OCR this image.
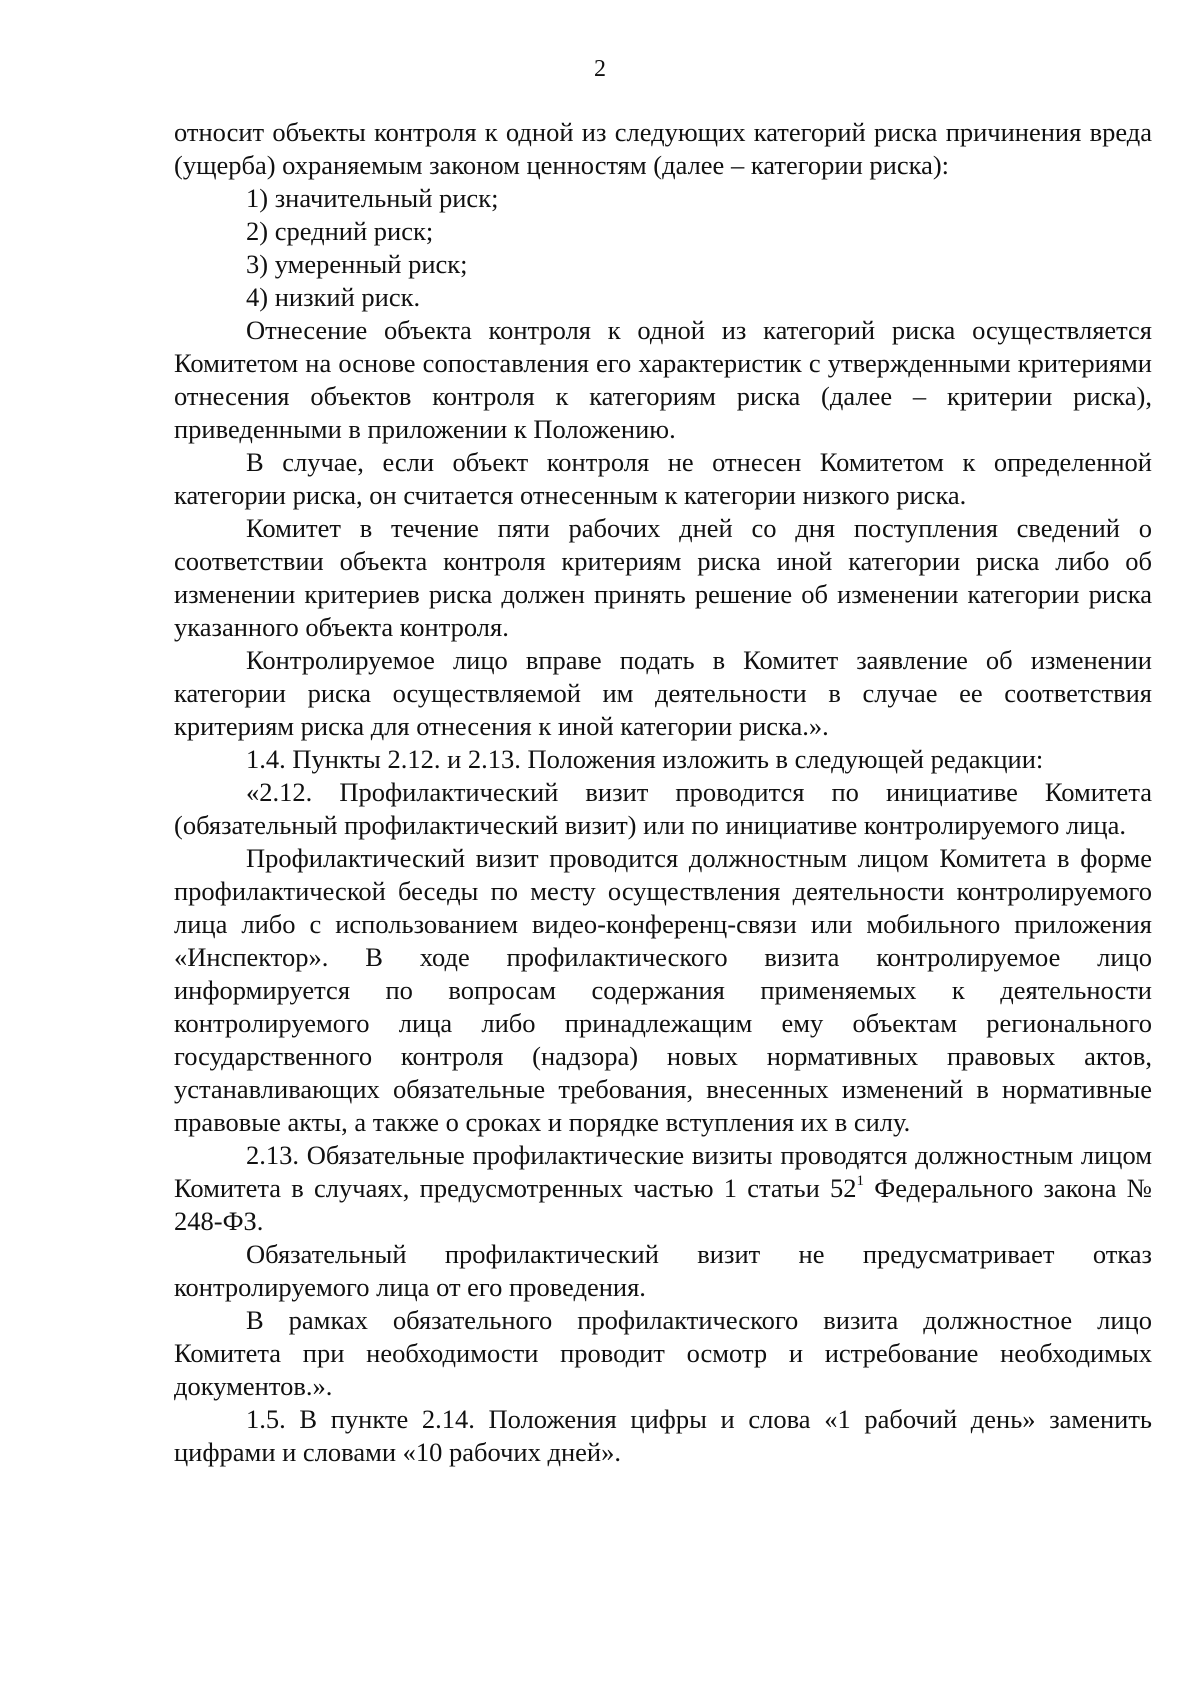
2

относит объекты контроля к одной из следующих категорий риска причинения вреда (ущерба) охраняемым законом ценностям (далее – категории риска):

1) значительный риск;

2) средний риск;

3) умеренный риск;

4) низкий риск.

Отнесение объекта контроля к одной из категорий риска осуществляется Комитетом на основе сопоставления его характеристик с утвержденными критериями отнесения объектов контроля к категориям риска (далее – критерии риска), приведенными в приложении к Положению.

В случае, если объект контроля не отнесен Комитетом к определенной категории риска, он считается отнесенным к категории низкого риска.

Комитет в течение пяти рабочих дней со дня поступления сведений о соответствии объекта контроля критериям риска иной категории риска либо об изменении критериев риска должен принять решение об изменении категории риска указанного объекта контроля.

Контролируемое лицо вправе подать в Комитет заявление об изменении категории риска осуществляемой им деятельности в случае ее соответствия критериям риска для отнесения к иной категории риска.».

1.4. Пункты 2.12. и 2.13. Положения изложить в следующей редакции:

«2.12. Профилактический визит проводится по инициативе Комитета (обязательный профилактический визит) или по инициативе контролируемого лица.

Профилактический визит проводится должностным лицом Комитета в форме профилактической беседы по месту осуществления деятельности контролируемого лица либо с использованием видео-конференц-связи или мобильного приложения «Инспектор». В ходе профилактического визита контролируемое лицо информируется по вопросам содержания применяемых к деятельности контролируемого лица либо принадлежащим ему объектам регионального государственного контроля (надзора) новых нормативных правовых актов, устанавливающих обязательные требования, внесенных изменений в нормативные правовые акты, а также о сроках и порядке вступления их в силу.

2.13. Обязательные профилактические визиты проводятся должностным лицом Комитета в случаях, предусмотренных частью 1 статьи $52^1$ Федерального закона № 248-ФЗ.

Обязательный профилактический визит не предусматривает отказ контролируемого лица от его проведения.

В рамках обязательного профилактического визита должностное лицо Комитета при необходимости проводит осмотр и истребование необходимых документов.».

1.5. В пункте 2.14. Положения цифры и слова «1 рабочий день» заменить цифрами и словами «10 рабочих дней».
